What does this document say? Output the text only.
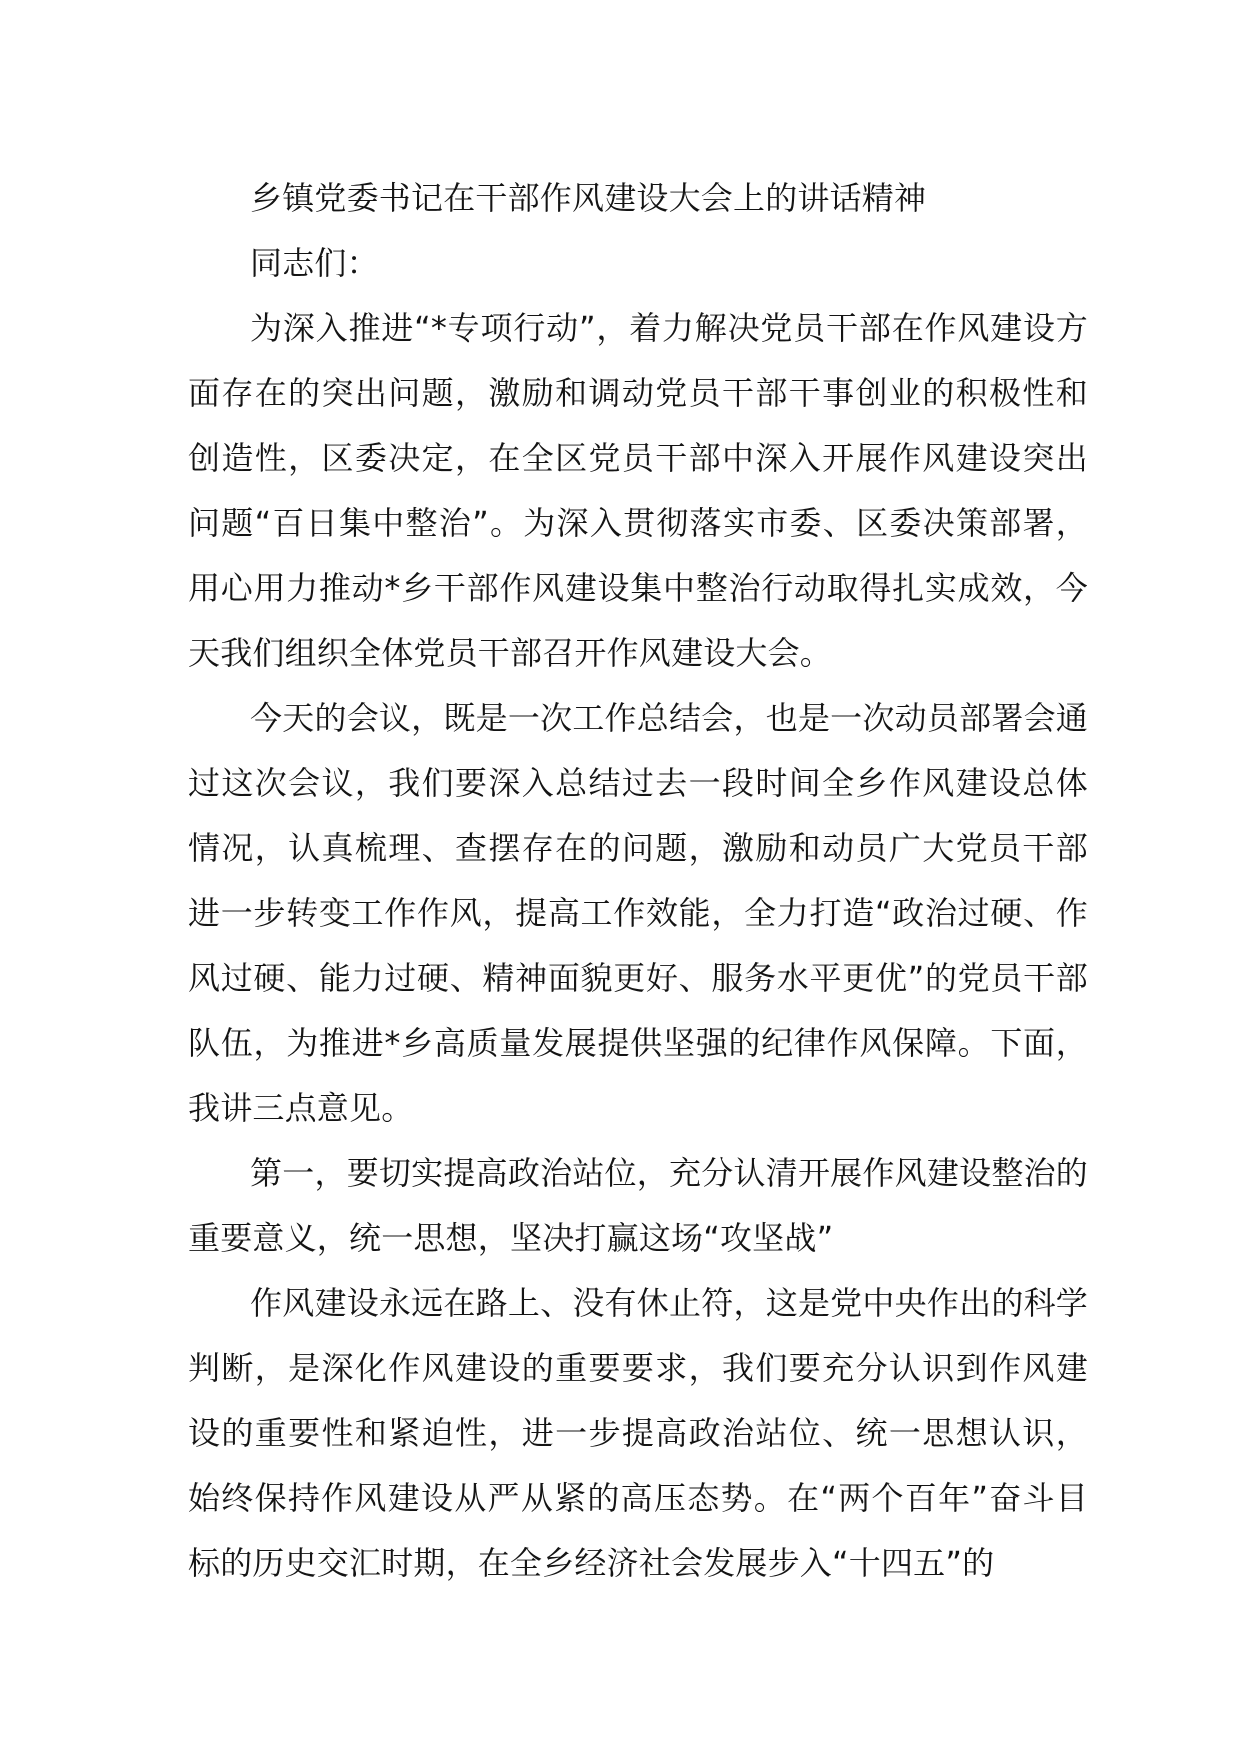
乡镇党委书记在干部作风建设大会上的讲话精神

同志们：

为深入推进“*专项行动”，着力解决党员干部在作风建设方面存在的突出问题，激励和调动党员干部干事创业的积极性和创造性，区委决定，在全区党员干部中深入开展作风建设突出问题“百日集中整治”。为深入贯彻落实市委、区委决策部署，用心用力推动*乡干部作风建设集中整治行动取得扎实成效，今天我们组织全体党员干部召开作风建设大会。

今天的会议，既是一次工作总结会，也是一次动员部署会通过这次会议，我们要深入总结过去一段时间全乡作风建设总体情况，认真梳理、查摆存在的问题，激励和动员广大党员干部进一步转变工作作风，提高工作效能，全力打造“政治过硬、作风过硬、能力过硬、精神面貌更好、服务水平更优”的党员干部队伍，为推进*乡高质量发展提供坚强的纪律作风保障。下面，我讲三点意见。

第一，要切实提高政治站位，充分认清开展作风建设整治的重要意义，统一思想，坚决打赢这场“攻坚战”

作风建设永远在路上、没有休止符，这是党中央作出的科学判断，是深化作风建设的重要要求，我们要充分认识到作风建设的重要性和紧迫性，进一步提高政治站位、统一思想认识，始终保持作风建设从严从紧的高压态势。在“两个百年”奋斗目标的历史交汇时期，在全乡经济社会发展步入“十四五”的
